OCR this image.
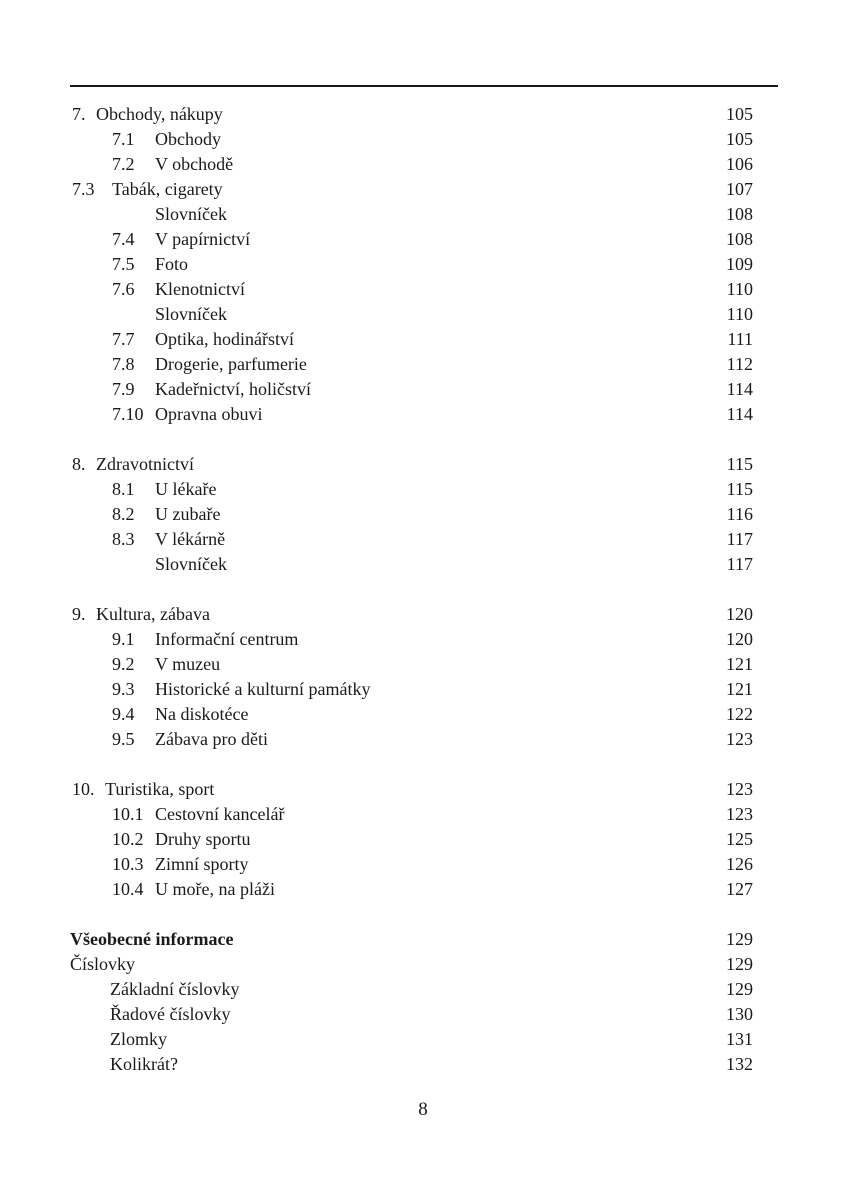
7. Obchody, nákupy	105
7.1 Obchody	105
7.2 V obchodě	106
7.3 Tabák, cigarety	107
Slovníček	108
7.4 V papírnictví	108
7.5 Foto	109
7.6 Klenotnictví	110
Slovníček	110
7.7 Optika, hodinářství	111
7.8 Drogerie, parfumerie	112
7.9 Kadeřnictví, holičství	114
7.10 Opravna obuvi	114
8. Zdravotnictví	115
8.1 U lékaře	115
8.2 U zubaře	116
8.3 V lékárně	117
Slovníček	117
9. Kultura, zábava	120
9.1 Informační centrum	120
9.2 V muzeu	121
9.3 Historické a kulturní památky	121
9.4 Na diskotéce	122
9.5 Zábava pro děti	123
10. Turistika, sport	123
10.1 Cestovní kancelář	123
10.2 Druhy sportu	125
10.3 Zimní sporty	126
10.4 U moře, na pláži	127
Všeobecné informace	129
Číslovky	129
Základní číslovky	129
Řadové číslovky	130
Zlomky	131
Kolikrát?	132
8
